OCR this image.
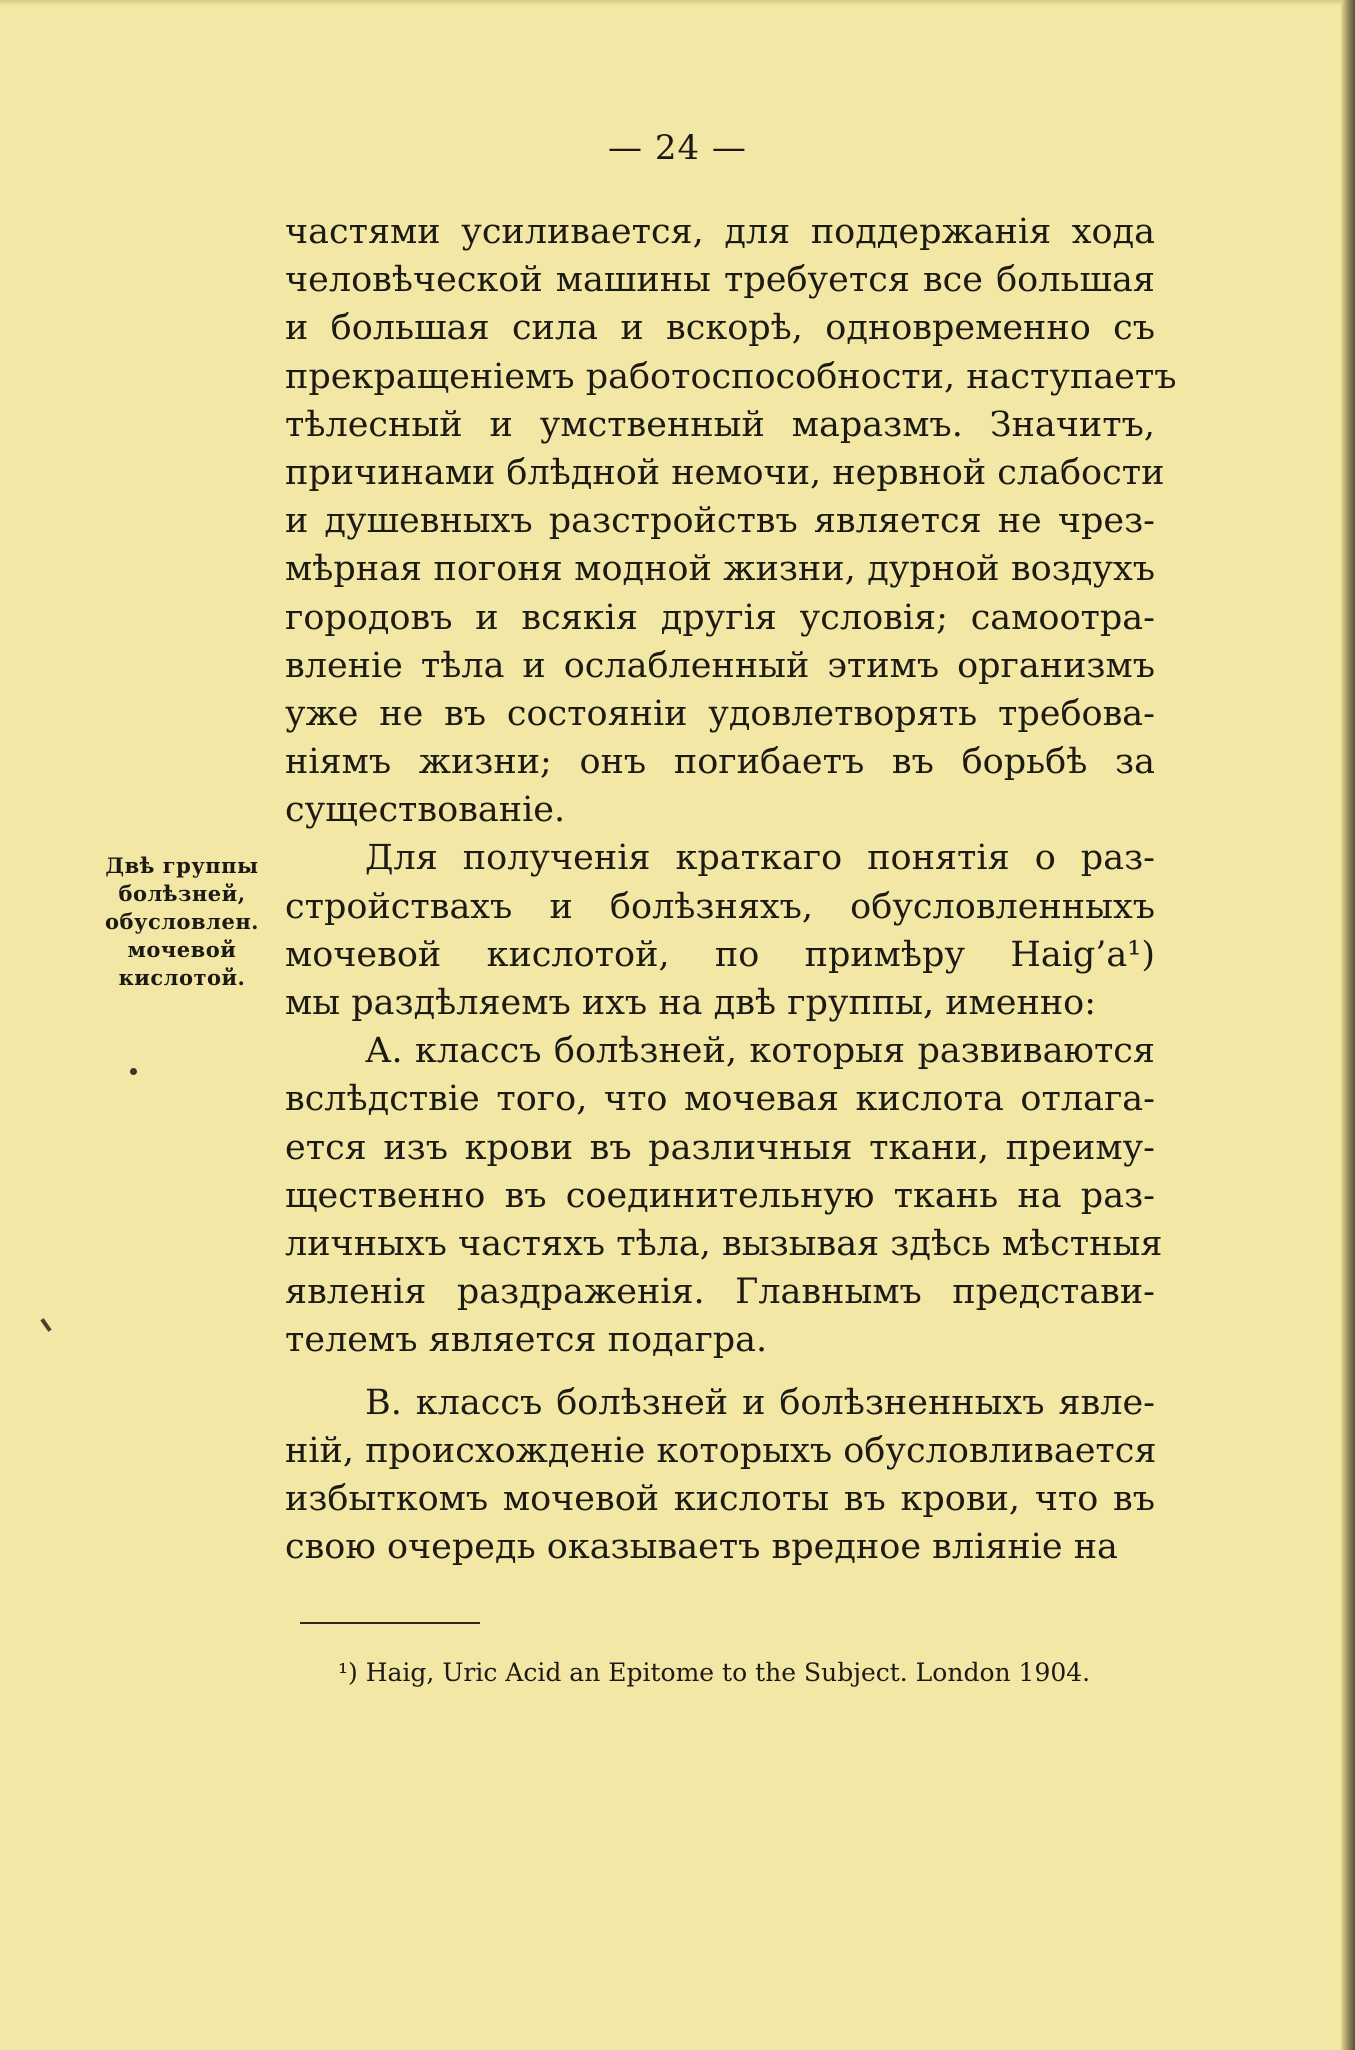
— 24 —
Двѣ группы
болѣзней,
обусловлен.
мочевой
кислотой.
частями усиливается, для поддержанія хода
человѣческой машины требуется все большая
и большая сила и вскорѣ, одновременно съ
прекращеніемъ работоспособности, наступаетъ
тѣлесный и умственный маразмъ. Значитъ,
причинами блѣдной немочи, нервной слабости
и душевныхъ разстройствъ является не чрез-
мѣрная погоня модной жизни, дурной воздухъ
городовъ и всякія другія условія; самоотра-
вленіе тѣла и ослабленный этимъ организмъ
уже не въ состояніи удовлетворять требова-
ніямъ жизни; онъ погибаетъ въ борьбѣ за
существованіе.
Для полученія краткаго понятія о раз-
стройствахъ и болѣзняхъ, обусловленныхъ
мочевой кислотой, по примѣру Haig’а¹)
мы раздѣляемъ ихъ на двѣ группы, именно:
А. классъ болѣзней, которыя развиваются
вслѣдствіе того, что мочевая кислота отлага-
ется изъ крови въ различныя ткани, преиму-
щественно въ соединительную ткань на раз-
личныхъ частяхъ тѣла, вызывая здѣсь мѣстныя
явленія раздраженія. Главнымъ представи-
телемъ является подагра.
В. классъ болѣзней и болѣзненныхъ явле-
ній, происхожденіе которыхъ обусловливается
избыткомъ мочевой кислоты въ крови, что въ
свою очередь оказываетъ вредное вліяніе на
¹) Haig, Uric Acid an Epitome to the Subject. London 1904.
